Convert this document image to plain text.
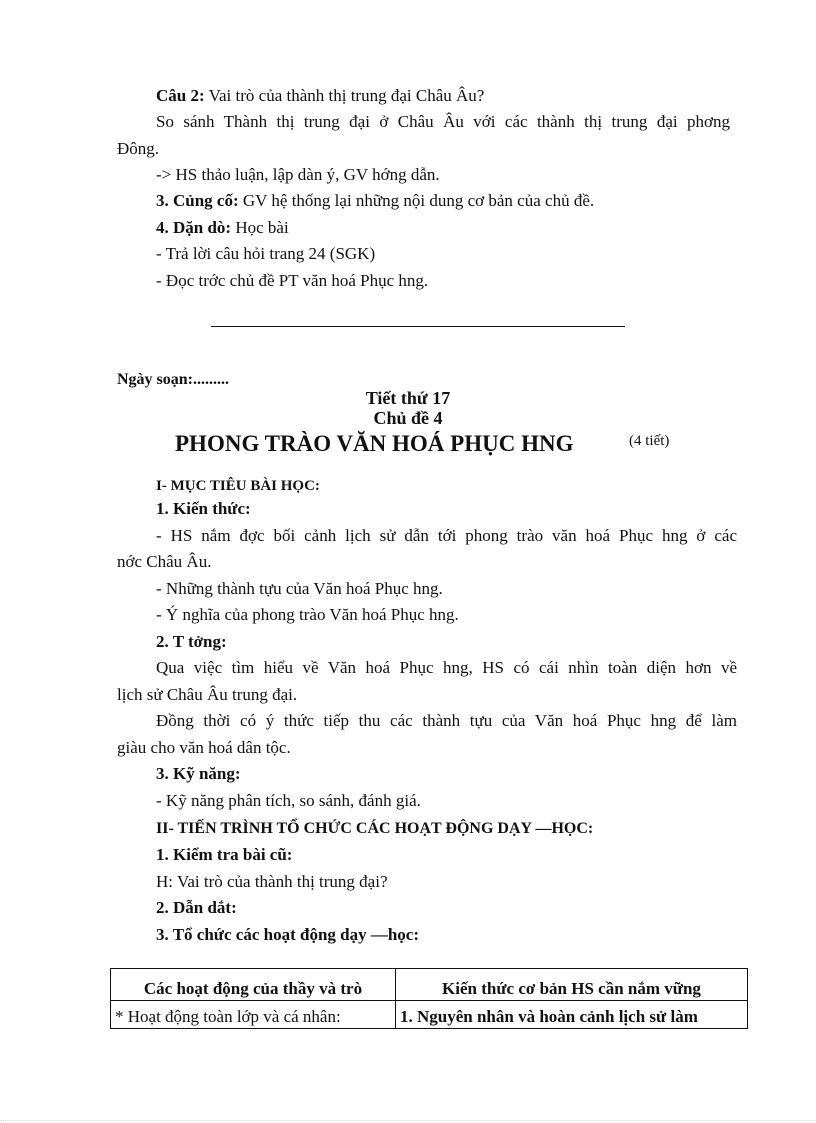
Câu 2: Vai trò của thành thị trung đại Châu Âu?
So sánh Thành thị trung đại ở Châu Âu với các thành thị trung đại phơng
Đông.
-> HS thảo luận, lập dàn ý, GV hớng dẫn.
3. Củng cố: GV hệ thống lại những nội dung cơ bản của chủ đề.
4. Dặn dò: Học bài
- Trả lời câu hỏi trang 24 (SGK)
- Đọc trớc chủ đề PT văn hoá Phục hng.
Ngày soạn:.........
Tiết thứ 17
Chủ đề 4
PHONG TRÀO VĂN HOÁ PHỤC HNG	(4 tiết)
I- MỤC TIÊU BÀI HỌC:
1. Kiến thức:
- HS nắm đợc bối cảnh lịch sử dẫn tới phong trào văn hoá Phục hng ở các
nớc Châu Âu.
- Những thành tựu của Văn hoá Phục hng.
- Ý nghĩa của phong trào Văn hoá Phục hng.
2. T tởng:
Qua việc tìm hiểu về Văn hoá Phục hng, HS có cái nhìn toàn diện hơn về
lịch sử Châu Âu trung đại.
Đồng thời có ý thức tiếp thu các thành tựu của Văn hoá Phục hng để làm
giàu cho văn hoá dân tộc.
3. Kỹ năng:
- Kỹ năng phân tích, so sánh, đánh giá.
II- TIẾN TRÌNH TỔ CHỨC CÁC HOẠT ĐỘNG DẠY —HỌC:
1. Kiểm tra bài cũ:
H: Vai trò của thành thị trung đại?
2. Dẫn dắt:
3. Tổ chức các hoạt động dạy —học:
Các hoạt động của thầy và trò	Kiến thức cơ bản HS cần nắm vững
* Hoạt động toàn lớp và cá nhân:	1. Nguyên nhân và hoàn cảnh lịch sử làm
